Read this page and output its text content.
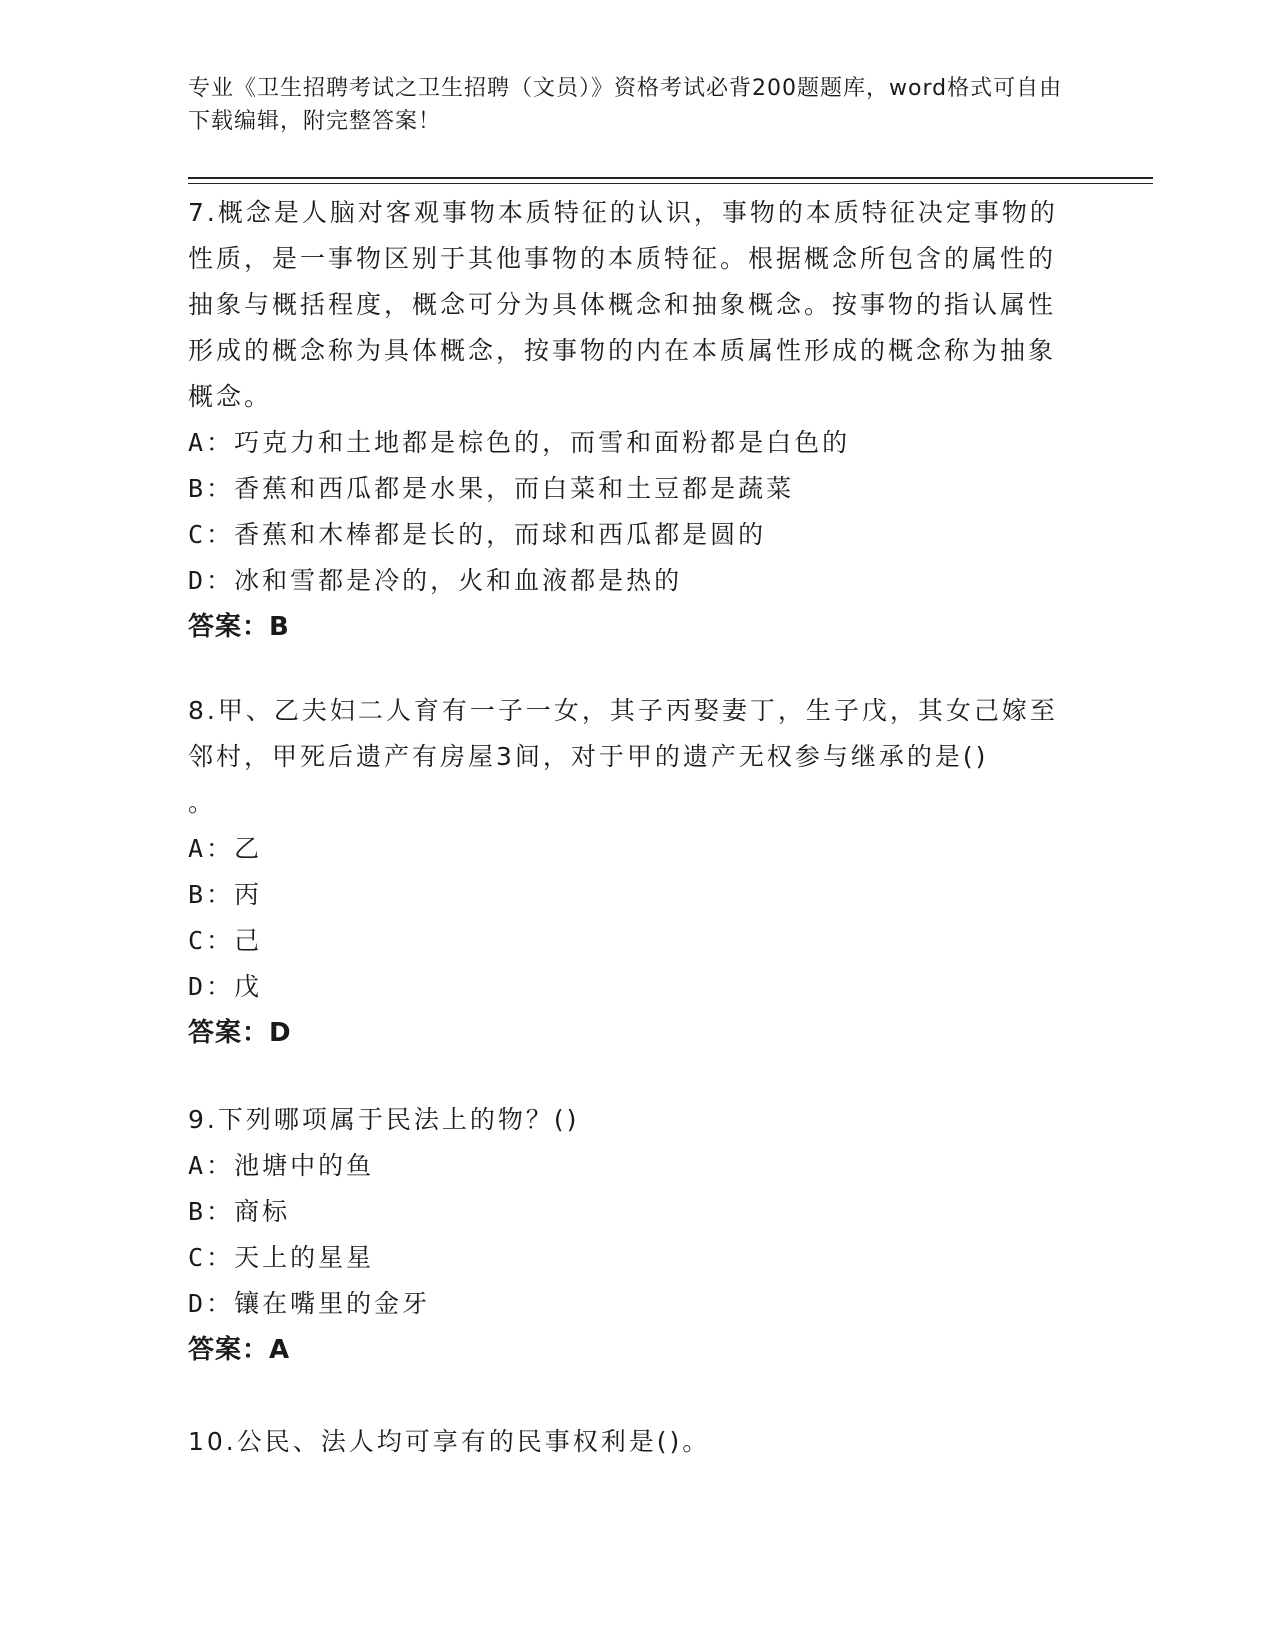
专业《卫生招聘考试之卫生招聘（文员）》资格考试必背200题题库，word格式可自由下载编辑，附完整答案！
7.概念是人脑对客观事物本质特征的认识，事物的本质特征决定事物的性质，是一事物区别于其他事物的本质特征。根据概念所包含的属性的抽象与概括程度，概念可分为具体概念和抽象概念。按事物的指认属性形成的概念称为具体概念，按事物的内在本质属性形成的概念称为抽象概念。
A：巧克力和土地都是棕色的，而雪和面粉都是白色的
B：香蕉和西瓜都是水果，而白菜和土豆都是蔬菜
C：香蕉和木棒都是长的，而球和西瓜都是圆的
D：冰和雪都是冷的，火和血液都是热的
答案：B
8.甲、乙夫妇二人育有一子一女，其子丙娶妻丁，生子戊，其女己嫁至邻村，甲死后遗产有房屋3间，对于甲的遗产无权参与继承的是()
。
A：乙
B：丙
C：己
D：戊
答案：D
9.下列哪项属于民法上的物？()
A：池塘中的鱼
B：商标
C：天上的星星
D：镶在嘴里的金牙
答案：A
10.公民、法人均可享有的民事权利是()。
